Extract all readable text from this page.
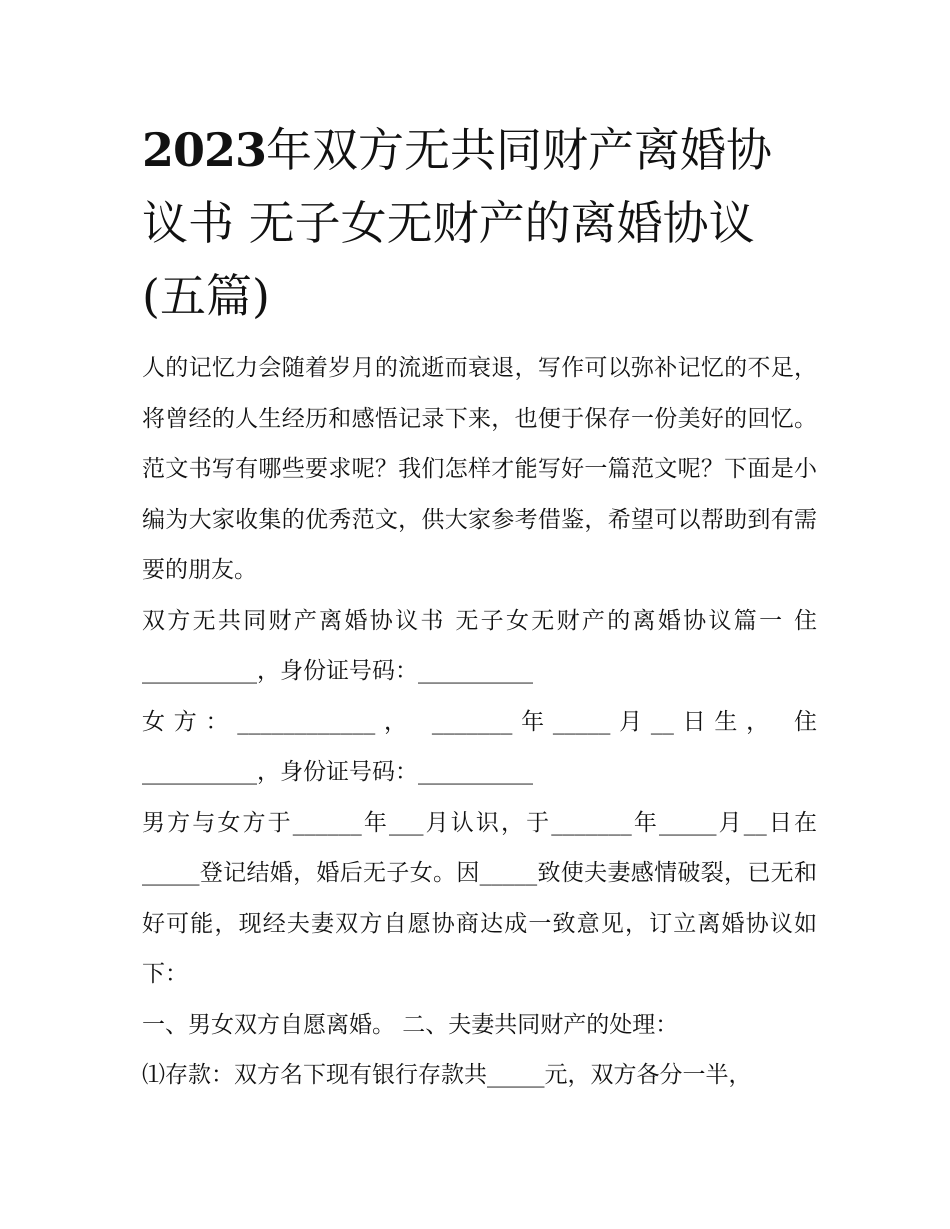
2023年双方无共同财产离婚协议书 无子女无财产的离婚协议(五篇)

人的记忆力会随着岁月的流逝而衰退，写作可以弥补记忆的不足，将曾经的人生经历和感悟记录下来，也便于保存一份美好的回忆。范文书写有哪些要求呢？我们怎样才能写好一篇范文呢？下面是小编为大家收集的优秀范文，供大家参考借鉴，希望可以帮助到有需要的朋友。

双方无共同财产离婚协议书 无子女无财产的离婚协议篇一 住__________，身份证号码：__________

女方：____________， _______年_____月__日生， 住__________，身份证号码：__________

男方与女方于______年___月认识，于_______年_____月__日在_____登记结婚，婚后无子女。因_____致使夫妻感情破裂，已无和好可能，现经夫妻双方自愿协商达成一致意见，订立离婚协议如下：

一、男女双方自愿离婚。 二、夫妻共同财产的处理：

⑴存款：双方名下现有银行存款共_____元，双方各分一半，
